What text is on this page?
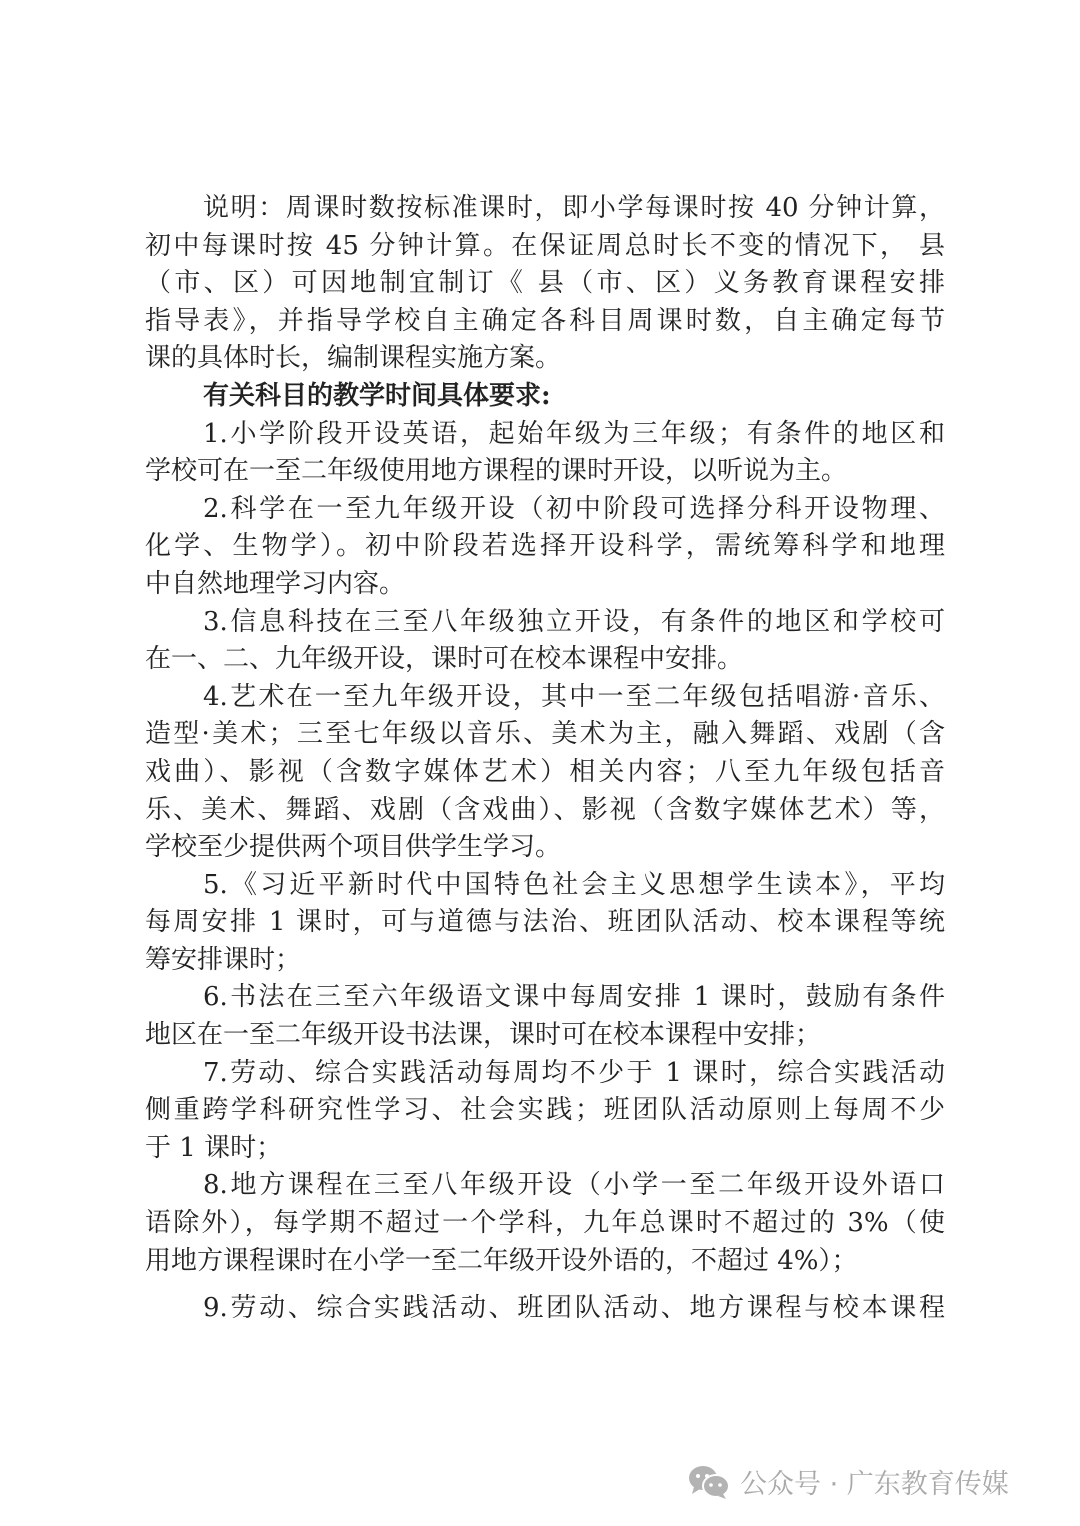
说明：周课时数按标准课时，即小学每课时按 40 分钟计算，
初中每课时按 45 分钟计算。在保证周总时长不变的情况下， 县
（市、区）可因地制宜制订《 县（市、区）义务教育课程安排
指导表》，并指导学校自主确定各科目周课时数，自主确定每节
课的具体时长，编制课程实施方案。
有关科目的教学时间具体要求:
1.小学阶段开设英语，起始年级为三年级；有条件的地区和
学校可在一至二年级使用地方课程的课时开设，以听说为主。
2.科学在一至九年级开设（初中阶段可选择分科开设物理、
化学、生物学）。初中阶段若选择开设科学，需统筹科学和地理
中自然地理学习内容。
3.信息科技在三至八年级独立开设，有条件的地区和学校可
在一、二、九年级开设，课时可在校本课程中安排。
4.艺术在一至九年级开设，其中一至二年级包括唱游·音乐、
造型·美术；三至七年级以音乐、美术为主，融入舞蹈、戏剧（含
戏曲）、影视（含数字媒体艺术）相关内容；八至九年级包括音
乐、美术、舞蹈、戏剧（含戏曲）、影视（含数字媒体艺术）等，
学校至少提供两个项目供学生学习。
5.《习近平新时代中国特色社会主义思想学生读本》，平均
每周安排 1 课时，可与道德与法治、班团队活动、校本课程等统
筹安排课时；
6.书法在三至六年级语文课中每周安排 1 课时，鼓励有条件
地区在一至二年级开设书法课，课时可在校本课程中安排；
7.劳动、综合实践活动每周均不少于 1 课时，综合实践活动
侧重跨学科研究性学习、社会实践；班团队活动原则上每周不少
于 1 课时；
8.地方课程在三至八年级开设（小学一至二年级开设外语口
语除外），每学期不超过一个学科，九年总课时不超过的 3%（使
用地方课程课时在小学一至二年级开设外语的，不超过 4%）；
9.劳动、综合实践活动、班团队活动、地方课程与校本课程
公众号 · 广东教育传媒
